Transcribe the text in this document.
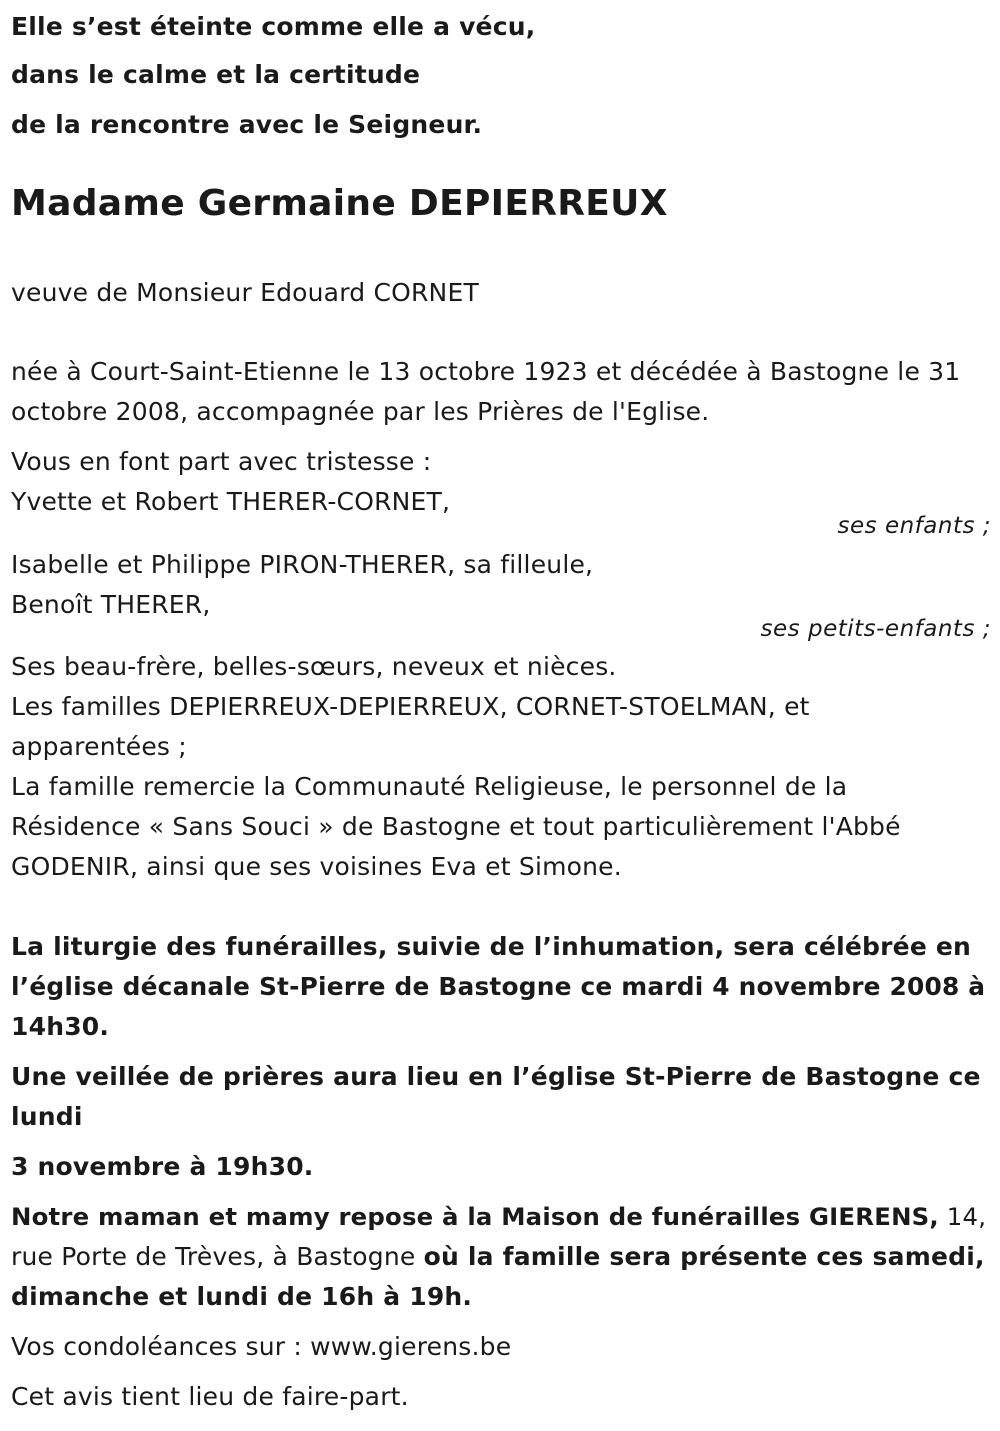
Elle s’est éteinte comme elle a vécu,
dans le calme et la certitude
de la rencontre avec le Seigneur.
Madame Germaine DEPIERREUX
veuve de Monsieur Edouard CORNET
née à Court-Saint-Etienne le 13 octobre 1923 et décédée à Bastogne le 31
octobre 2008, accompagnée par les Prières de l'Eglise.
Vous en font part avec tristesse :
Yvette et Robert THERER-CORNET,
ses enfants ;
Isabelle et Philippe PIRON-THERER, sa filleule,
Benoît THERER,
ses petits-enfants ;
Ses beau-frère, belles-sœurs, neveux et nièces.
Les familles DEPIERREUX-DEPIERREUX, CORNET-STOELMAN, et
apparentées ;
La famille remercie la Communauté Religieuse, le personnel de la
Résidence « Sans Souci » de Bastogne et tout particulièrement l'Abbé
GODENIR, ainsi que ses voisines Eva et Simone.
La liturgie des funérailles, suivie de l’inhumation, sera célébrée en
l’église décanale St-Pierre de Bastogne ce mardi 4 novembre 2008 à
14h30.
Une veillée de prières aura lieu en l’église St-Pierre de Bastogne ce
lundi
3 novembre à 19h30.
Notre maman et mamy repose à la Maison de funérailles GIERENS, 14,
rue Porte de Trèves, à Bastogne où la famille sera présente ces samedi,
dimanche et lundi de 16h à 19h.
Vos condoléances sur : www.gierens.be
Cet avis tient lieu de faire-part.
